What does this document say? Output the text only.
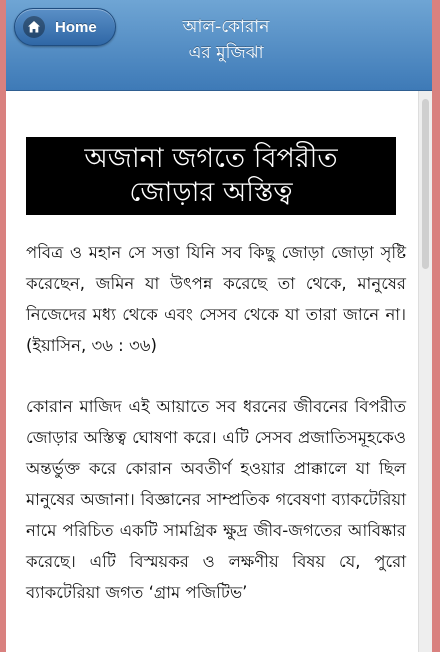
Home	আল-কোরান
এর মুজিঝা
অজানা জগতে বিপরীত
জোড়ার অস্তিত্ব

পবিত্র ও মহান সে সত্তা যিনি সব কিছু জোড়া জোড়া সৃষ্টি করেছেন, জমিন যা উৎপন্ন করেছে তা থেকে, মানুষের নিজেদের মধ্য থেকে এবং সেসব থেকে যা তারা জানে না। (ইয়াসিন, ৩৬ : ৩৬)

কোরান মাজিদ এই আয়াতে সব ধরনের জীবনের বিপরীত জোড়ার অস্তিত্ব ঘোষণা করে। এটি সেসব প্রজাতিসমূহকেও অন্তর্ভুক্ত করে কোরান অবতীর্ণ হওয়ার প্রাক্কালে যা ছিল মানুষের অজানা। বিজ্ঞানের সাম্প্রতিক গবেষণা ব্যাকটেরিয়া নামে পরিচিত একটি সামগ্রিক ক্ষুদ্র জীব-জগতের আবিষ্কার করেছে। এটি বিস্ময়কর ও লক্ষণীয় বিষয় যে, পুরো ব্যাকটেরিয়া জগত ‘গ্রাম পজিটিভ’
